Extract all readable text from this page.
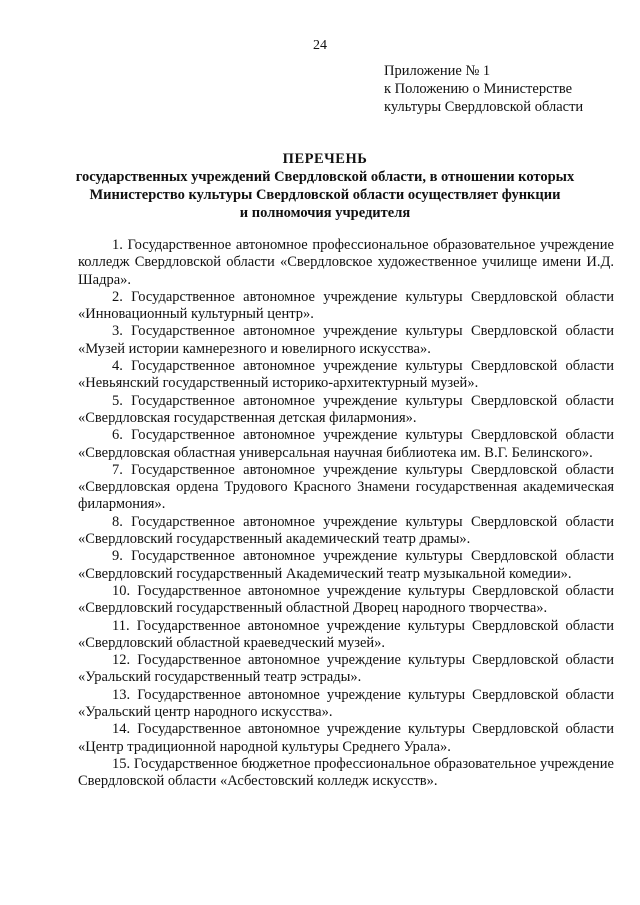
24
Приложение № 1
к Положению о Министерстве
культуры Свердловской области
ПЕРЕЧЕНЬ
государственных учреждений Свердловской области, в отношении которых
Министерство культуры Свердловской области осуществляет функции
и полномочия учредителя

1. Государственное автономное профессиональное образовательное учреждение колледж Свердловской области «Свердловское художественное училище имени И.Д. Шадра».

2. Государственное автономное учреждение культуры Свердловской области «Инновационный культурный центр».

3. Государственное автономное учреждение культуры Свердловской области «Музей истории камнерезного и ювелирного искусства».

4. Государственное автономное учреждение культуры Свердловской области «Невьянский государственный историко-архитектурный музей».

5. Государственное автономное учреждение культуры Свердловской области «Свердловская государственная детская филармония».

6. Государственное автономное учреждение культуры Свердловской области «Свердловская областная универсальная научная библиотека им. В.Г. Белинского».

7. Государственное автономное учреждение культуры Свердловской области «Свердловская ордена Трудового Красного Знамени государственная академическая филармония».

8. Государственное автономное учреждение культуры Свердловской области «Свердловский государственный академический театр драмы».

9. Государственное автономное учреждение культуры Свердловской области «Свердловский государственный Академический театр музыкальной комедии».

10. Государственное автономное учреждение культуры Свердловской области «Свердловский государственный областной Дворец народного творчества».

11. Государственное автономное учреждение культуры Свердловской области «Свердловский областной краеведческий музей».

12. Государственное автономное учреждение культуры Свердловской области «Уральский государственный театр эстрады».

13. Государственное автономное учреждение культуры Свердловской области «Уральский центр народного искусства».

14. Государственное автономное учреждение культуры Свердловской области «Центр традиционной народной культуры Среднего Урала».

15. Государственное бюджетное профессиональное образовательное учреждение Свердловской области «Асбестовский колледж искусств».
